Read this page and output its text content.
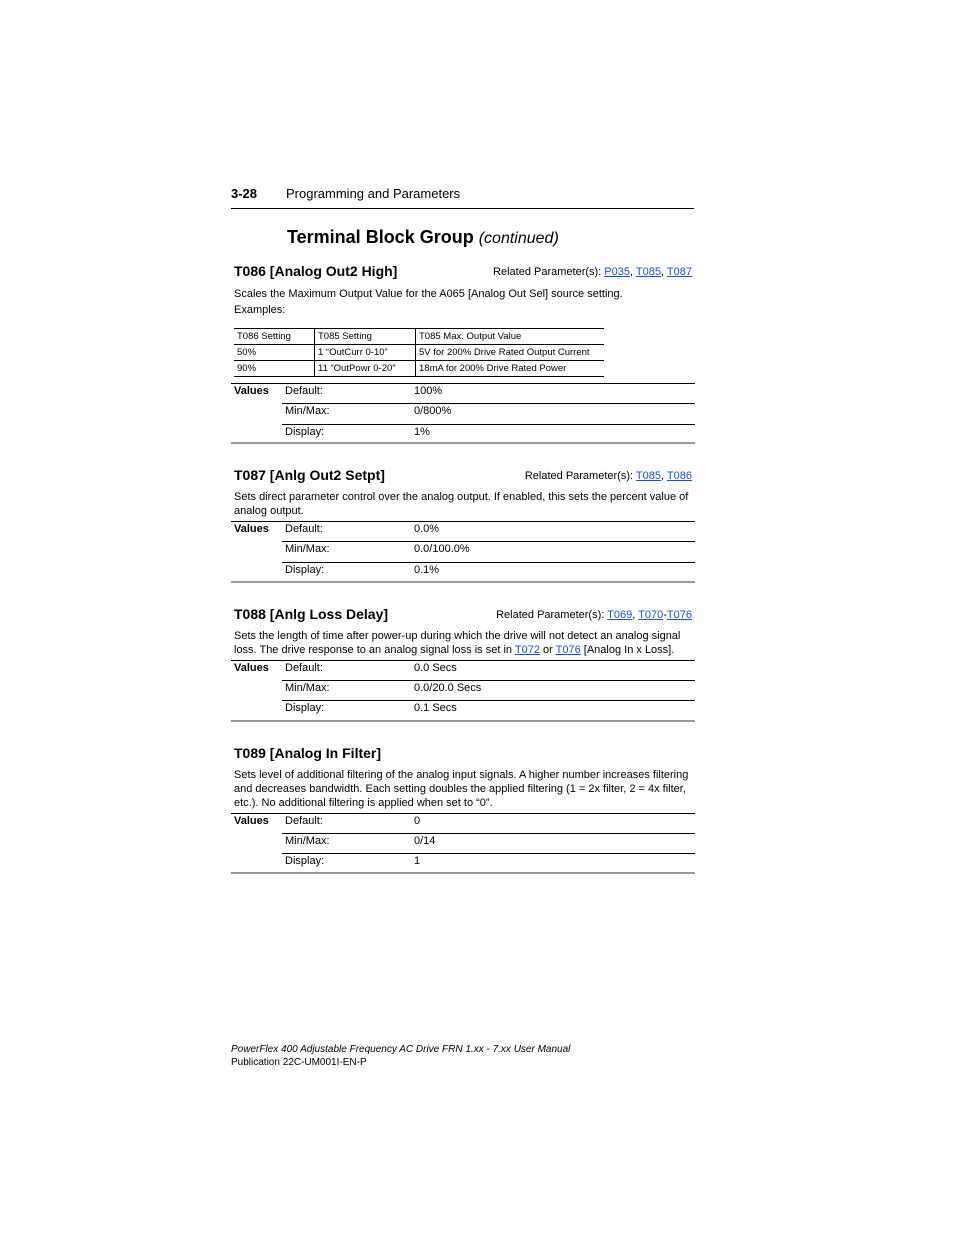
3-28 Programming and Parameters
Terminal Block Group (continued)
T086 [Analog Out2 High]	Related Parameter(s): P035, T085, T087
Scales the Maximum Output Value for the A065 [Analog Out Sel] source setting.
Examples:
T086 Setting	T085 Setting	T085 Max. Output Value
50%	1 “OutCurr 0-10”	5V for 200% Drive Rated Output Current
90%	11 “OutPowr 0-20”	18mA for 200% Drive Rated Power
Values Default:	100%
Min/Max:	0/800%
Display:	1%
T087 [Anlg Out2 Setpt]	Related Parameter(s): T085, T086
Sets direct parameter control over the analog output. If enabled, this sets the percent value of analog output.
Values Default:	0.0%
Min/Max:	0.0/100.0%
Display:	0.1%
T088 [Anlg Loss Delay]	Related Parameter(s): T069, T070-T076
Sets the length of time after power-up during which the drive will not detect an analog signal loss. The drive response to an analog signal loss is set in T072 or T076 [Analog In x Loss].
Values Default:	0.0 Secs
Min/Max:	0.0/20.0 Secs
Display:	0.1 Secs
T089 [Analog In Filter]
Sets level of additional filtering of the analog input signals. A higher number increases filtering and decreases bandwidth. Each setting doubles the applied filtering (1 = 2x filter, 2 = 4x filter, etc.). No additional filtering is applied when set to “0”.
Values Default:	0
Min/Max:	0/14
Display:	1
PowerFlex 400 Adjustable Frequency AC Drive FRN 1.xx - 7.xx User Manual
Publication 22C-UM001I-EN-P
